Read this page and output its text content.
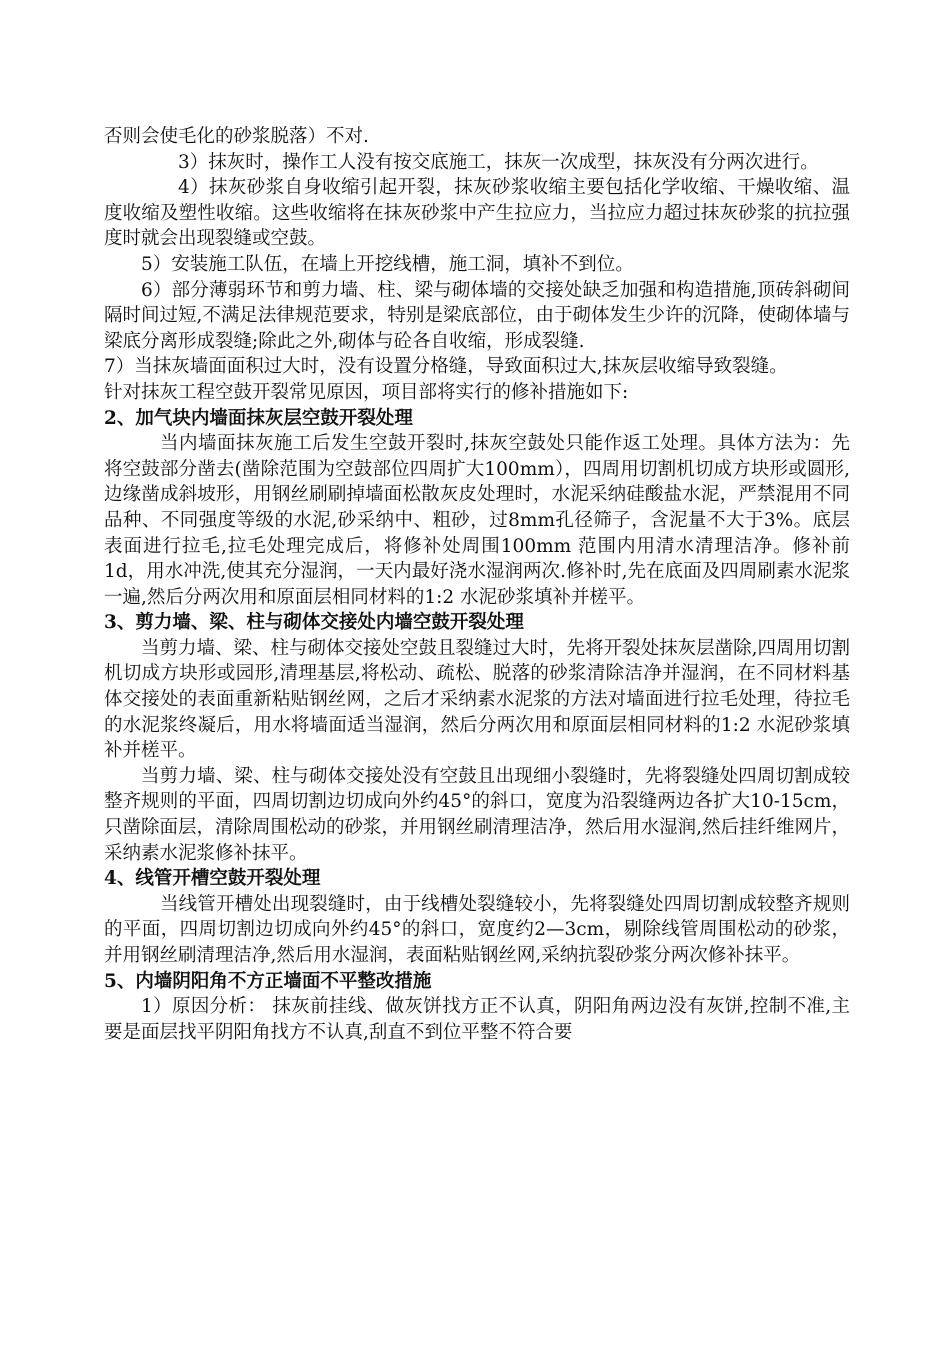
否则会使毛化的砂浆脱落）不对.

3）抹灰时，操作工人没有按交底施工，抹灰一次成型，抹灰没有分两次进行。

4）抹灰砂浆自身收缩引起开裂，抹灰砂浆收缩主要包括化学收缩、干燥收缩、温度收缩及塑性收缩。这些收缩将在抹灰砂浆中产生拉应力，当拉应力超过抹灰砂浆的抗拉强度时就会出现裂缝或空鼓。

5）安装施工队伍，在墙上开挖线槽，施工洞，填补不到位。

6）部分薄弱环节和剪力墙、柱、梁与砌体墙的交接处缺乏加强和构造措施,顶砖斜砌间隔时间过短,不满足法律规范要求，特别是梁底部位，由于砌体发生少许的沉降，使砌体墙与梁底分离形成裂缝;除此之外,砌体与砼各自收缩，形成裂缝.

7）当抹灰墙面面积过大时，没有设置分格缝，导致面积过大,抹灰层收缩导致裂缝。

针对抹灰工程空鼓开裂常见原因，项目部将实行的修补措施如下:

2、加气块内墙面抹灰层空鼓开裂处理

当内墙面抹灰施工后发生空鼓开裂时,抹灰空鼓处只能作返工处理。具体方法为：先将空鼓部分凿去(凿除范围为空鼓部位四周扩大100mm），四周用切割机切成方块形或圆形,边缘凿成斜坡形，用钢丝刷刷掉墙面松散灰皮处理时，水泥采纳硅酸盐水泥，严禁混用不同品种、不同强度等级的水泥,砂采纳中、粗砂，过8mm孔径筛子，含泥量不大于3%。底层表面进行拉毛,拉毛处理完成后，将修补处周围100mm 范围内用清水清理洁净。修补前1d，用水冲洗,使其充分湿润，一天内最好浇水湿润两次.修补时,先在底面及四周刷素水泥浆一遍,然后分两次用和原面层相同材料的1:2 水泥砂浆填补并槎平。

3、剪力墙、梁、柱与砌体交接处内墙空鼓开裂处理

当剪力墙、梁、柱与砌体交接处空鼓且裂缝过大时，先将开裂处抹灰层凿除,四周用切割机切成方块形或园形,清理基层,将松动、疏松、脱落的砂浆清除洁净并湿润，在不同材料基体交接处的表面重新粘贴钢丝网，之后才采纳素水泥浆的方法对墙面进行拉毛处理，待拉毛的水泥浆终凝后，用水将墙面适当湿润，然后分两次用和原面层相同材料的1:2 水泥砂浆填补并槎平。

当剪力墙、梁、柱与砌体交接处没有空鼓且出现细小裂缝时，先将裂缝处四周切割成较整齐规则的平面，四周切割边切成向外约45°的斜口，宽度为沿裂缝两边各扩大10-15cm，只凿除面层，清除周围松动的砂浆，并用钢丝刷清理洁净，然后用水湿润,然后挂纤维网片，采纳素水泥浆修补抹平。

4、线管开槽空鼓开裂处理

当线管开槽处出现裂缝时，由于线槽处裂缝较小，先将裂缝处四周切割成较整齐规则的平面，四周切割边切成向外约45°的斜口，宽度约2—3cm，剔除线管周围松动的砂浆，并用钢丝刷清理洁净,然后用水湿润，表面粘贴钢丝网,采纳抗裂砂浆分两次修补抹平。

5、内墙阴阳角不方正墙面不平整改措施

1）原因分析： 抹灰前挂线、做灰饼找方正不认真，阴阳角两边没有灰饼,控制不准,主要是面层找平阴阳角找方不认真,刮直不到位平整不符合要
